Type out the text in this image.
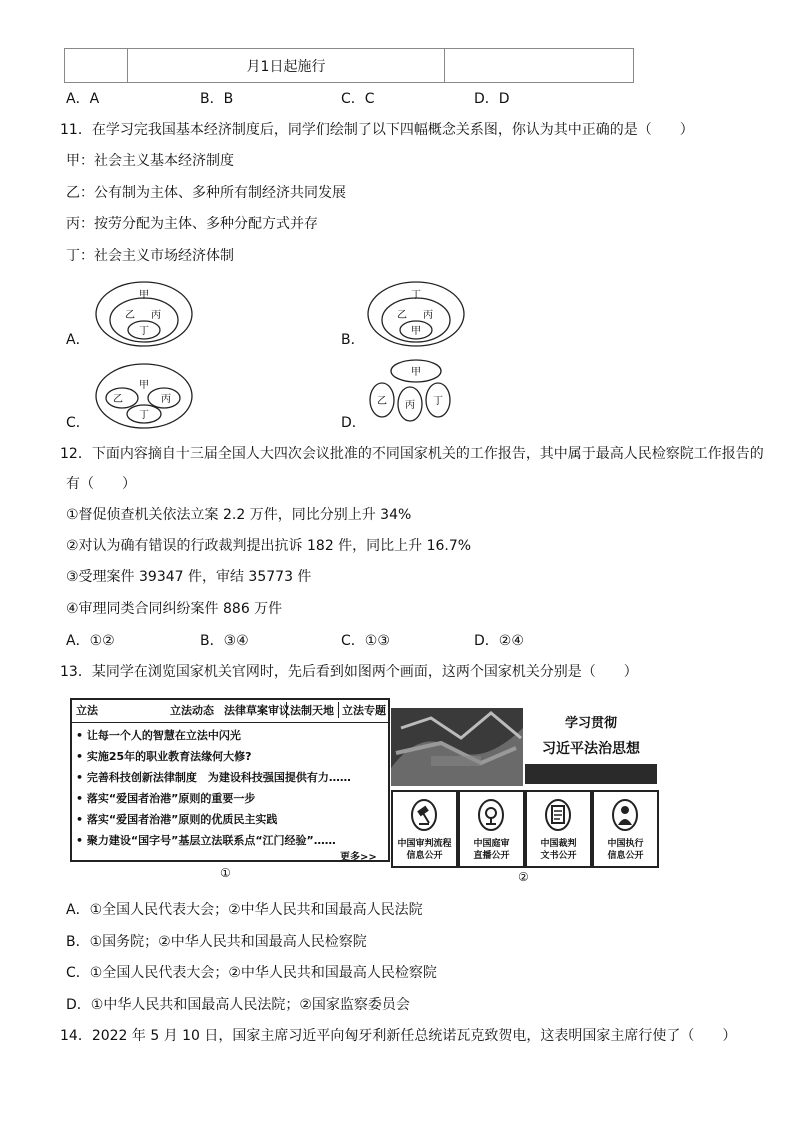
	月1日起施行	
A．A	B．B	C．C	D．D
11．在学习完我国基本经济制度后，同学们绘制了以下四幅概念关系图，你认为其中正确的是（　　）
甲：社会主义基本经济制度
乙：公有制为主体、多种所有制经济共同发展
丙：按劳分配为主体、多种分配方式并存
丁：社会主义市场经济体制
A．	B．
C．	D．
甲
乙 丙
丁
丁
乙 丙
甲
甲
乙	丙
丁
甲
乙 丙 丁
12．下面内容摘自十三届全国人大四次会议批准的不同国家机关的工作报告，其中属于最高人民检察院工作报告的
有（　　）
①督促侦查机关依法立案 2.2 万件，同比分别上升 34%
②对认为确有错误的行政裁判提出抗诉 182 件，同比上升 16.7%
③受理案件 39347 件，审结 35773 件
④审理同类合同纠纷案件 886 万件
A．①②	B．③④	C．①③	D．②④
13．某同学在浏览国家机关官网时，先后看到如图两个画面，这两个国家机关分别是（　　）
立法	立法动态 法律草案审议 法制天地 立法专题
• 让每一个人的智慧在立法中闪光
• 实施25年的职业教育法缘何大修?
• 完善科技创新法律制度　为建设科技强国提供有力……
• 落实“爱国者治港”原则的重要一步
• 落实“爱国者治港”原则的优质民主实践
• 聚力建设“国字号”基层立法联系点“江门经验”……
更多>>
①
学习贯彻
习近平法治思想
中国审判流程
信息公开
中国庭审
直播公开
中国裁判
文书公开
中国执行
信息公开
②
A．①全国人民代表大会；②中华人民共和国最高人民法院
B．①国务院；②中华人民共和国最高人民检察院
C．①全国人民代表大会；②中华人民共和国最高人民检察院
D．①中华人民共和国最高人民法院；②国家监察委员会
14．2022 年 5 月 10 日，国家主席习近平向匈牙利新任总统诺瓦克致贺电，这表明国家主席行使了（　　）
